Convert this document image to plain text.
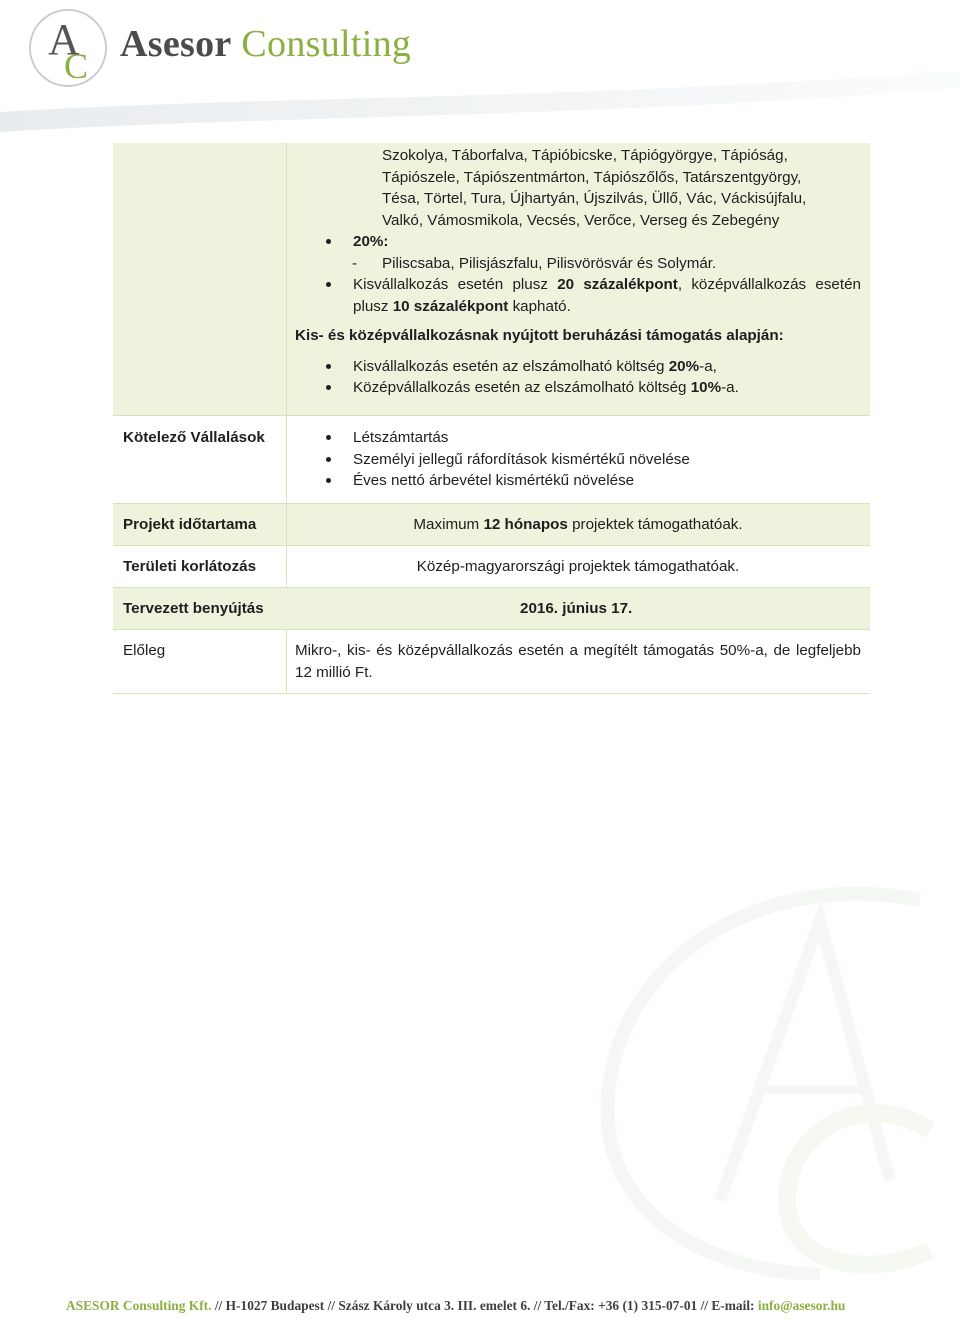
A
C
Asesor Consulting
Szokolya, Táborfalva, Tápióbicske, Tápiógyörgye, Tápióság,
Tápiószele, Tápiószentmárton, Tápiószőlős, Tatárszentgyörgy,
Tésa, Törtel, Tura, Újhartyán, Újszilvás, Üllő, Vác, Váckisújfalu,
Valkó, Vámosmikola, Vecsés, Verőce, Verseg és Zebegény
20%:
- Piliscsaba, Pilisjászfalu, Pilisvörösvár és Solymár.
Kisvállalkozás esetén plusz 20 százalékpont, középvállalkozás esetén plusz 10 százalékpont kapható.
Kis- és középvállalkozásnak nyújtott beruházási támogatás alapján:
Kisvállalkozás esetén az elszámolható költség 20%-a,
Középvállalkozás esetén az elszámolható költség 10%-a.
Kötelező Vállalások	Létszámtartás
Személyi jellegű ráfordítások kismértékű növelése
Éves nettó árbevétel kismértékű növelése
Projekt időtartama	Maximum 12 hónapos projektek támogathatóak.
Területi korlátozás	Közép-magyarországi projektek támogathatóak.
Tervezett benyújtás	2016. június 17.
Előleg	Mikro-, kis- és középvállalkozás esetén a megítélt támogatás 50%-a, de legfeljebb 12 millió Ft.
ASESOR Consulting Kft. // H-1027 Budapest // Szász Károly utca 3. III. emelet 6. // Tel./Fax: +36 (1) 315-07-01 // E-mail: info@asesor.hu
